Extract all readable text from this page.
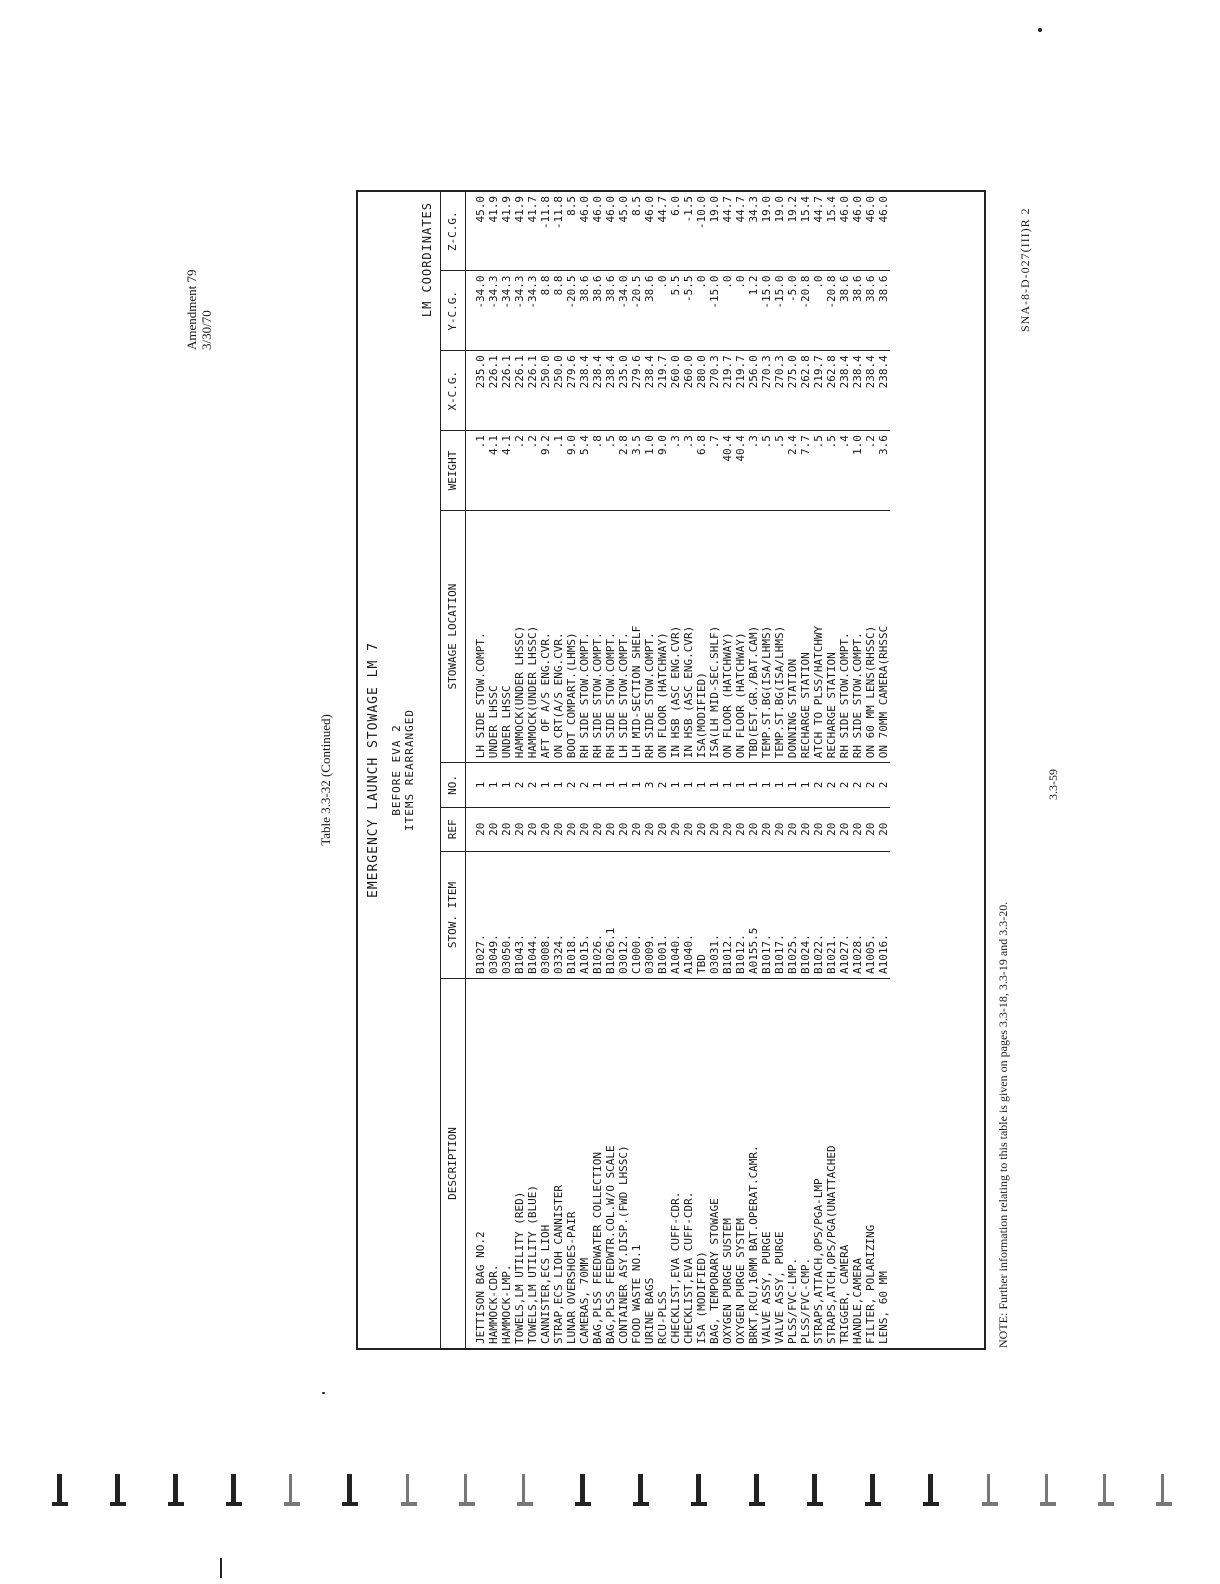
Amendment 79 3/30/70
Table 3.3-32 (Continued)	EMERGENCY LAUNCH STOWAGE LM 7 BEFORE EVA 2 ITEMS REARRANGED
LM COORDINATES
DESCRIPTION	STOW. ITEM	REF	NO.	STOWAGE LOCATION	WEIGHT	X-C.G.	Y-C.G.	Z-C.G.
JETTISON BAG NO.2	B1027.	20	1	LH SIDE STOW.COMPT.	.1	235.0	-34.0	45.0
HAMMOCK-CDR.	03049.	20	1	UNDER LHSSC	4.1	226.1	-34.3	41.9
HAMMOCK-LMP.	03050.	20	1	UNDER LHSSC	4.1	226.1	-34.3	41.9
TOWELS,LM UTILITY (RED)	B1043.	20	2	HAMMOCK(UNDER LHSSC)	.2	226.1	-34.3	41.9
TOWELS,LM UTILITY (BLUE)	B1044.	20	2	HAMMOCK(UNDER LHSSC)	.2	226.1	-34.3	41.7
CANNISTER,ECS LIOH	03008.	20	1	AFT OF A/S ENG.CVR.	9.2	250.0	8.8	-11.8
STRAP,ECS LIOH CANNISTER	03324.	20	1	ON CRT(A/S ENG.CVR.	.1	250.0	8.8	-11.8
LUNAR OVERSHOES-PAIR	B1018.	20	2	BOOT COMPART.(LHMS)	9.0	279.6	-20.5	8.5
CAMERAS, 70MM	A1015.	20	2	RH SIDE STOW.COMPT.	5.4	238.4	38.6	46.0
BAG,PLSS FEEDWATER COLLECTION	B1026.	20	1	RH SIDE STOW.COMPT.	.8	238.4	38.6	46.0
BAG,PLSS FEEDWTR.COL.W/O SCALE	B1026.1	20	1	RH SIDE STOW.COMPT.	.5	238.4	38.6	46.0
CONTAINER ASY.DISP.(FWD LHSSC)	03012.	20	1	LH SIDE STOW.COMPT.	2.8	235.0	-34.0	45.0
FOOD WASTE NO.1	C1000.	20	1	LH MID-SECTION SHELF	3.5	279.6	-20.5	8.5
URINE BAGS	03009.	20	3	RH SIDE STOW.COMPT.	1.0	238.4	38.6	46.0
RCU-PLSS	B1001.	20	2	ON FLOOR (HATCHWAY)	9.0	219.7	.0	44.7
CHECKLIST,EVA CUFF-CDR.	A1040.	20	1	IN HSB (ASC ENG.CVR)	.3	260.0	5.5	6.0
CHECKLIST,EVA CUFF-CDR.	A1040.	20	1	IN HSB (ASC ENG.CVR)	.3	260.0	-5.5	-1.5
ISA (MODIFIED)	TBD	20	1	ISA(MODIFIED)	6.8	280.0	.0	-10.0
BAG, TEMPORARY STOWAGE	03031.	20	1	ISA(LH MID-SEC.SHLF)	.7	270.3	-15.0	19.0
OXYGEN PURGE SUSTEM	B1012.	20	1	ON FLOOR (HATCHWAY)	40.4	219.7	.0	44.7
OXYGEN PURGE SYSTEM	B1012.	20	1	ON FLOOR (HATCHWAY)	40.4	219.7	.0	44.7
BRKT,RCU,16MM BAT.OPERAT.CAMR.	A0155.5	20	1	TBD(EST.GR./BAT.CAM)	.3	256.0	1.2	34.3
VALVE ASSY, PURGE	B1017.	20	1	TEMP.ST.BG(ISA/LHMS)	.5	270.3	-15.0	19.0
VALVE ASSY, PURGE	B1017.	20	1	TEMP.ST.BG(ISA/LHMS)	.5	270.3	-15.0	19.0
PLSS/FVC-LMP.	B1025.	20	1	DONNING STATION	2.4	275.0	-5.0	19.2
PLSS/FVC-CMP.	B1024.	20	1	RECHARGE STATION	7.7	262.8	-20.8	15.4
STRAPS,ATTACH,OPS/PGA-LMP	B1022.	20	2	ATCH TO PLSS/HATCHWY	.5	219.7	.0	44.7
STRAPS,ATCH,OPS/PGA(UNATTACHED	B1021.	20	2	RECHARGE STATION	.5	262.8	-20.8	15.4
TRIGGER, CAMERA	A1027.	20	2	RH SIDE STOW.COMPT.	.4	238.4	38.6	46.0
HANDLE,CAMERA	A1028.	20	2	RH SIDE STOW.COMPT.	1.0	238.4	38.6	46.0
FILTER, POLARIZING	A1005.	20	2	ON 60 MM LENS(RHSSC)	.2	238.4	38.6	46.0
LENS, 60 MM	A1016.	20	2	ON 70MM CAMERA(RHSSC	3.6	238.4	38.6	46.0
NOTE: Further information relating to this table is given on pages 3.3-18, 3.3-19 and 3.3-20.
3.3-59
SNA-8-D-027(III)R 2
